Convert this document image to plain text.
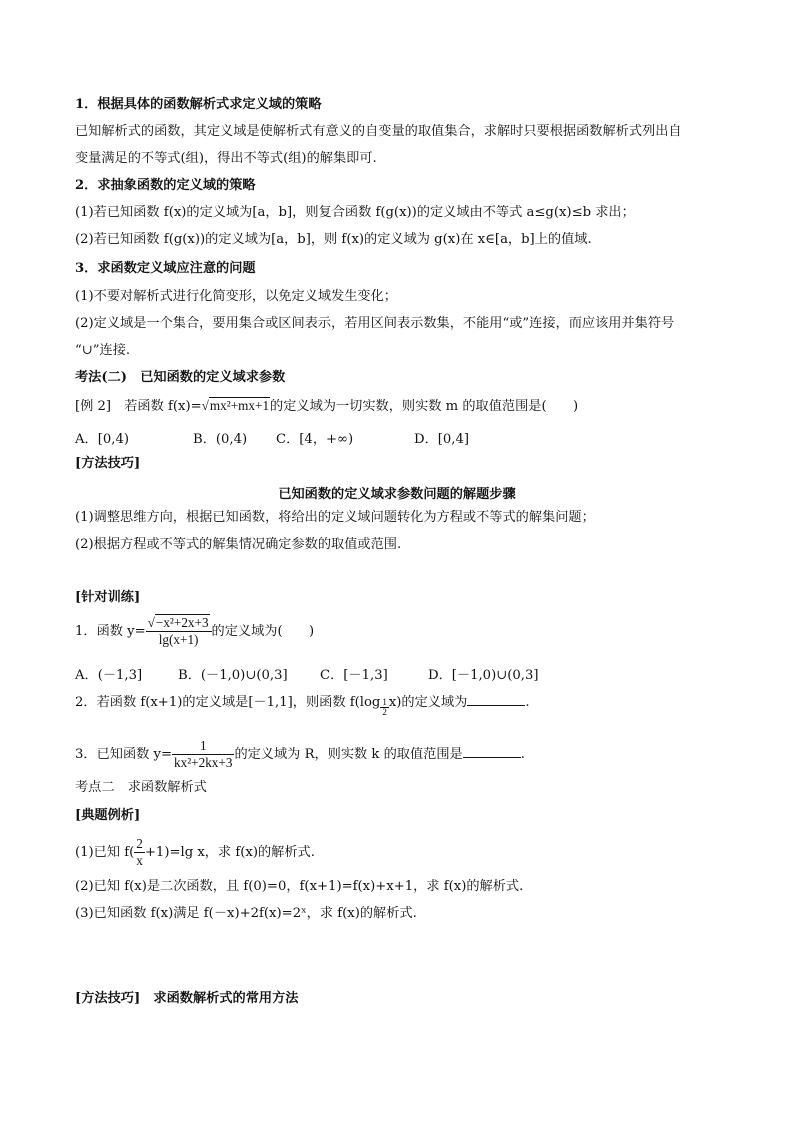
1．根据具体的函数解析式求定义域的策略
已知解析式的函数，其定义域是使解析式有意义的自变量的取值集合，求解时只要根据函数解析式列出自
变量满足的不等式(组)，得出不等式(组)的解集即可.
2．求抽象函数的定义域的策略
(1)若已知函数 f(x)的定义域为[a，b]，则复合函数 f(g(x))的定义域由不等式 a≤g(x)≤b 求出；
(2)若已知函数 f(g(x))的定义域为[a，b]，则 f(x)的定义域为 g(x)在 x∈[a，b]上的值域.
3．求函数定义域应注意的问题
(1)不要对解析式进行化简变形，以免定义域发生变化；
(2)定义域是一个集合，要用集合或区间表示，若用区间表示数集，不能用“或”连接，而应该用并集符号
“∪”连接.
考法(二)　已知函数的定义域求参数
[例 2]　若函数 f(x)=√mx²+mx+1的定义域为一切实数，则实数 m 的取值范围是(　　)
A．[0,4)	B．(0,4) C．[4，+∞)	D．[0,4]
[方法技巧]
已知函数的定义域求参数问题的解题步骤
(1)调整思维方向，根据已知函数，将给出的定义域问题转化为方程或不等式的解集问题；
(2)根据方程或不等式的解集情况确定参数的取值或范围.
[针对训练]
1．函数 $y= \frac{\text{√−x²+2x+3}}{\lg(x+1)}$ 的定义域为(　　)
A．(－1,3]	B．(－1,0)∪(0,3] C．[－1,3]	D．[－1,0)∪(0,3]
2．若函数 f(x+1)的定义域是[－1,1]，则函数 $f(\log \frac{1}{2} x)$的定义域为	.
3．已知函数 $y= \frac{1}{\text{kx²+2kx+3}}$ 的定义域为 R，则实数 k 的取值范围是	.
考点二　求函数解析式
[典题例析]
(1)已知 $f( \frac{2}{x} +1)=\lg$ x，求 f(x)的解析式.
(2)已知 f(x)是二次函数，且 f(0)=0，f(x+1)=f(x)+x+1，求 f(x)的解析式.
(3)已知函数 f(x)满足 f(－x)+2f(x)=2ˣ，求 f(x)的解析式.
[方法技巧]　求函数解析式的常用方法
